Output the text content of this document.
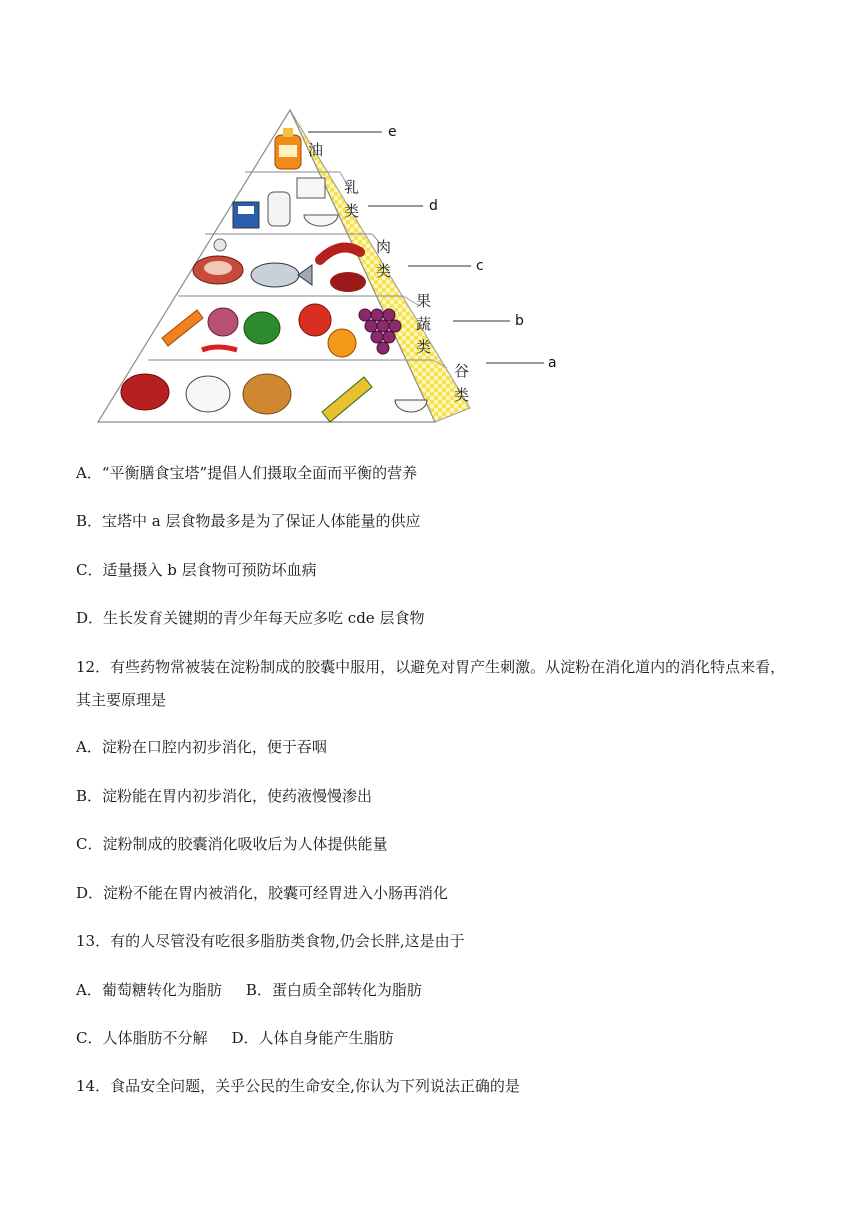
油
乳
类
肉
类
果
蔬
类
谷
类
e
d
c
b
a
A．“平衡膳食宝塔”提倡人们摄取全面而平衡的营养
B．宝塔中 a 层食物最多是为了保证人体能量的供应
C．适量摄入 b 层食物可预防坏血病
D．生长发育关键期的青少年每天应多吃 cde 层食物
12．有些药物常被装在淀粉制成的胶囊中服用，以避免对胃产生刺激。从淀粉在消化道内的消化特点来看，其主要原理是
A．淀粉在口腔内初步消化，便于吞咽
B．淀粉能在胃内初步消化，使药液慢慢渗出
C．淀粉制成的胶囊消化吸收后为人体提供能量
D．淀粉不能在胃内被消化，胶囊可经胃进入小肠再消化
13．有的人尽管没有吃很多脂肪类食物,仍会长胖,这是由于
A．葡萄糖转化为脂肪 B．蛋白质全部转化为脂肪
C．人体脂肪不分解 D．人体自身能产生脂肪
14．食品安全问题，关乎公民的生命安全,你认为下列说法正确的是
